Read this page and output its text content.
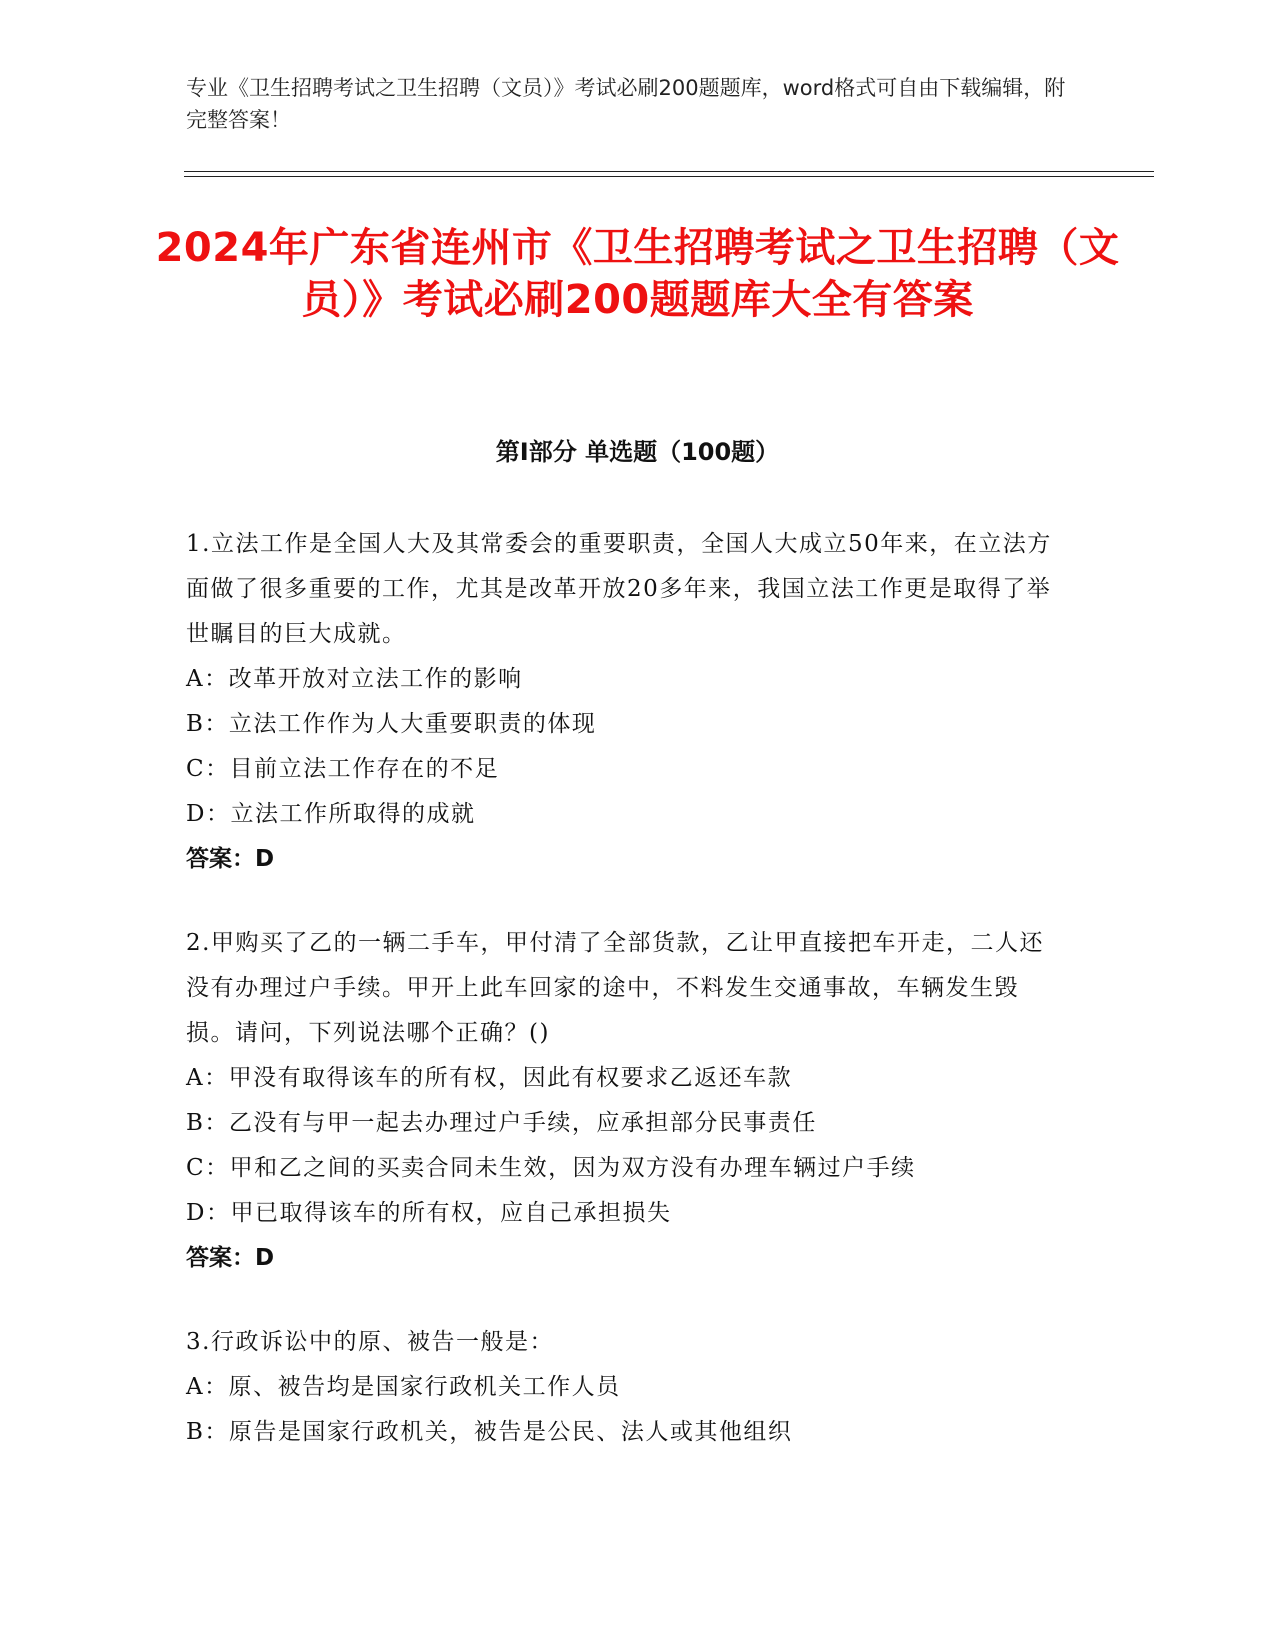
专业《卫生招聘考试之卫生招聘（文员）》考试必刷200题题库，word格式可自由下载编辑，附完整答案！
2024年广东省连州市《卫生招聘考试之卫生招聘（文员）》考试必刷200题题库大全有答案
第I部分 单选题（100题）
1.立法工作是全国人大及其常委会的重要职责，全国人大成立50年来，在立法方面做了很多重要的工作，尤其是改革开放20多年来，我国立法工作更是取得了举世瞩目的巨大成就。
A：改革开放对立法工作的影响
B：立法工作作为人大重要职责的体现
C：目前立法工作存在的不足
D：立法工作所取得的成就
答案：D
2.甲购买了乙的一辆二手车，甲付清了全部货款，乙让甲直接把车开走，二人还没有办理过户手续。甲开上此车回家的途中，不料发生交通事故，车辆发生毁损。请问，下列说法哪个正确？()
A：甲没有取得该车的所有权，因此有权要求乙返还车款
B：乙没有与甲一起去办理过户手续，应承担部分民事责任
C：甲和乙之间的买卖合同未生效，因为双方没有办理车辆过户手续
D：甲已取得该车的所有权，应自己承担损失
答案：D
3.行政诉讼中的原、被告一般是：
A：原、被告均是国家行政机关工作人员
B：原告是国家行政机关，被告是公民、法人或其他组织
